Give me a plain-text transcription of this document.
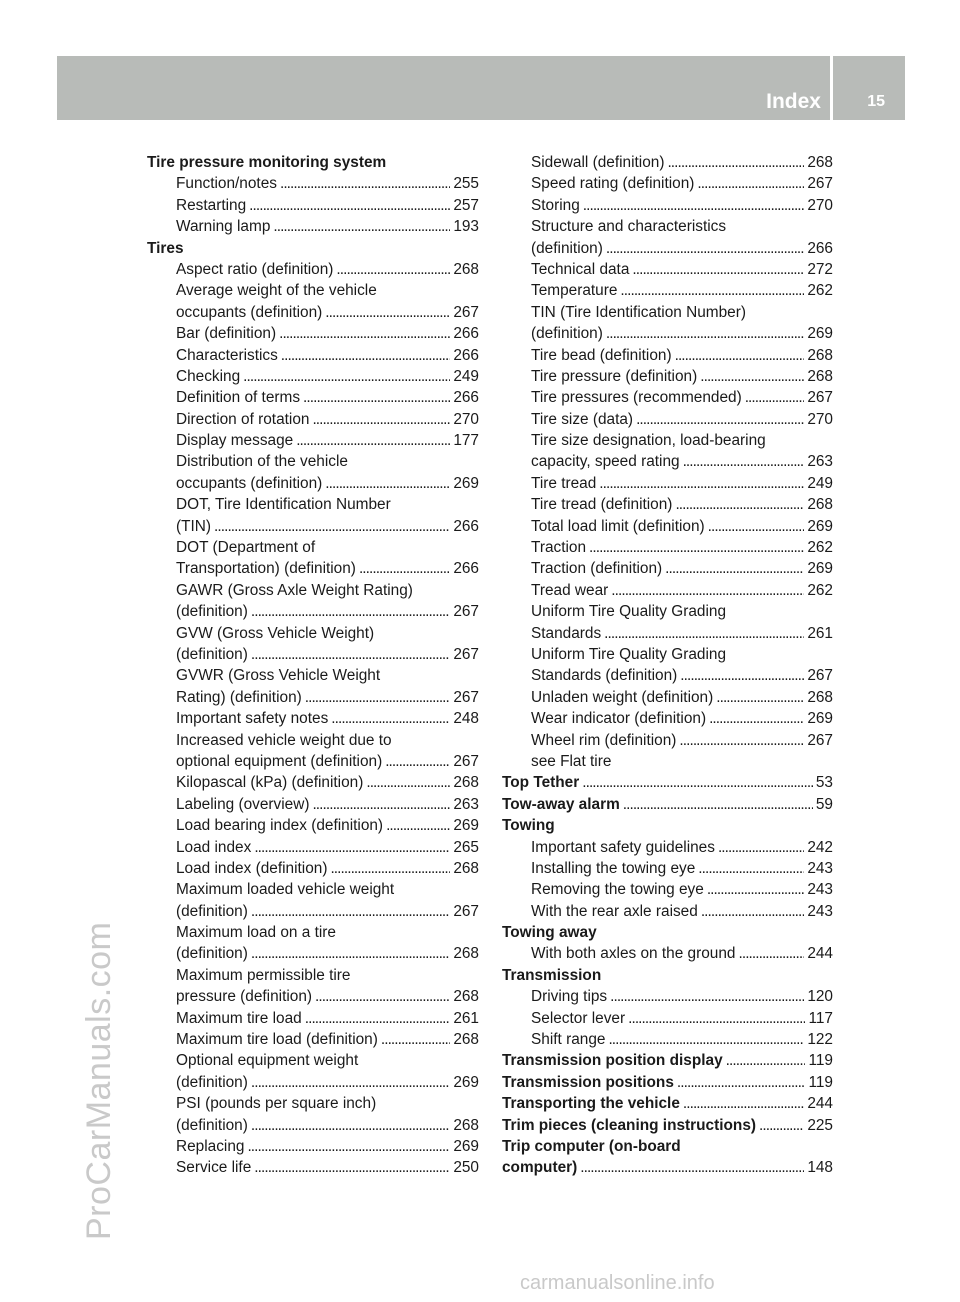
Index	15
ProCarManuals.com
carmanualsonline.info
Tire pressure monitoring system
Function/notes . . .	255
Restarting . . .	257
Warning lamp . . .	193
Tires
Aspect ratio (definition) . . .	268
Average weight of the vehicle
occupants (definition) . . .	267
Bar (definition) . . .	266
Characteristics . . .	266
Checking . . .	249
Definition of terms . . .	266
Direction of rotation . . .	270
Display message . . .	177
Distribution of the vehicle
occupants (definition) . . .	269
DOT, Tire Identification Number
(TIN) . . .	266
DOT (Department of
Transportation) (definition) . . .	266
GAWR (Gross Axle Weight Rating)
(definition) . . .	267
GVW (Gross Vehicle Weight)
(definition) . . .	267
GVWR (Gross Vehicle Weight
Rating) (definition) . . .	267
Important safety notes . . .	248
Increased vehicle weight due to
optional equipment (definition) . . .	267
Kilopascal (kPa) (definition) . . .	268
Labeling (overview) . . .	263
Load bearing index (definition) . . .	269
Load index . . .	265
Load index (definition) . . .	268
Maximum loaded vehicle weight
(definition) . . .	267
Maximum load on a tire
(definition) . . .	268
Maximum permissible tire
pressure (definition) . . .	268
Maximum tire load . . .	261
Maximum tire load (definition) . . .	268
Optional equipment weight
(definition) . . .	269
PSI (pounds per square inch)
(definition) . . .	268
Replacing . . .	269
Service life . . .	250
Sidewall (definition) . . .	268
Speed rating (definition) . . .	267
Storing . . .	270
Structure and characteristics
(definition) . . .	266
Technical data . . .	272
Temperature . . .	262
TIN (Tire Identification Number)
(definition) . . .	269
Tire bead (definition) . . .	268
Tire pressure (definition) . . .	268
Tire pressures (recommended) . . .	267
Tire size (data) . . .	270
Tire size designation, load-bearing
capacity, speed rating . . .	263
Tire tread . . .	249
Tire tread (definition) . . .	268
Total load limit (definition) . . .	269
Traction . . .	262
Traction (definition) . . .	269
Tread wear . . .	262
Uniform Tire Quality Grading
Standards . . .	261
Uniform Tire Quality Grading
Standards (definition) . . .	267
Unladen weight (definition) . . .	268
Wear indicator (definition) . . .	269
Wheel rim (definition) . . .	267
see Flat tire
Top Tether . . .	53
Tow-away alarm . . .	59
Towing
Important safety guidelines . . .	242
Installing the towing eye . . .	243
Removing the towing eye . . .	243
With the rear axle raised . . .	243
Towing away
With both axles on the ground . . .	244
Transmission
Driving tips . . .	120
Selector lever . . .	117
Shift range . . .	122
Transmission position display . . .	119
Transmission positions . . .	119
Transporting the vehicle . . .	244
Trim pieces (cleaning instructions) . . .	225
Trip computer (on-board
computer) . . .	148
